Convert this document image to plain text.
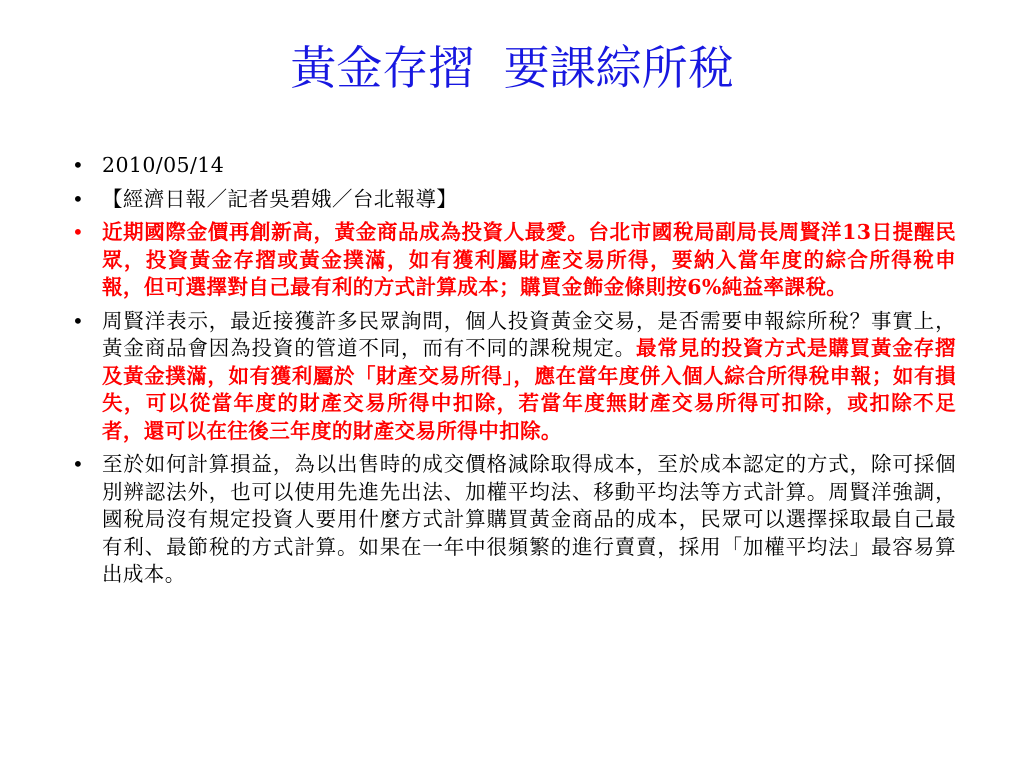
黃金存摺  要課綜所稅
• 2010/05/14
• 【經濟日報／記者吳碧娥／台北報導】
• 近期國際金價再創新高，黃金商品成為投資人最愛。台北市國稅局副局長周賢洋13日提醒民眾，投資黃金存摺或黃金撲滿，如有獲利屬財產交易所得，要納入當年度的綜合所得稅申報，但可選擇對自己最有利的方式計算成本；購買金飾金條則按6%純益率課稅。
• 周賢洋表示，最近接獲許多民眾詢問，個人投資黃金交易，是否需要申報綜所稅？事實上，黃金商品會因為投資的管道不同，而有不同的課稅規定。最常見的投資方式是購買黃金存摺及黃金撲滿，如有獲利屬於「財產交易所得」，應在當年度併入個人綜合所得稅申報；如有損失，可以從當年度的財產交易所得中扣除，若當年度無財產交易所得可扣除，或扣除不足者，還可以在往後三年度的財產交易所得中扣除。
• 至於如何計算損益，為以出售時的成交價格減除取得成本，至於成本認定的方式，除可採個別辨認法外，也可以使用先進先出法、加權平均法、移動平均法等方式計算。周賢洋強調，國稅局沒有規定投資人要用什麼方式計算購買黃金商品的成本，民眾可以選擇採取最自己最有利、最節稅的方式計算。如果在一年中很頻繁的進行賣賣，採用「加權平均法」最容易算出成本。
